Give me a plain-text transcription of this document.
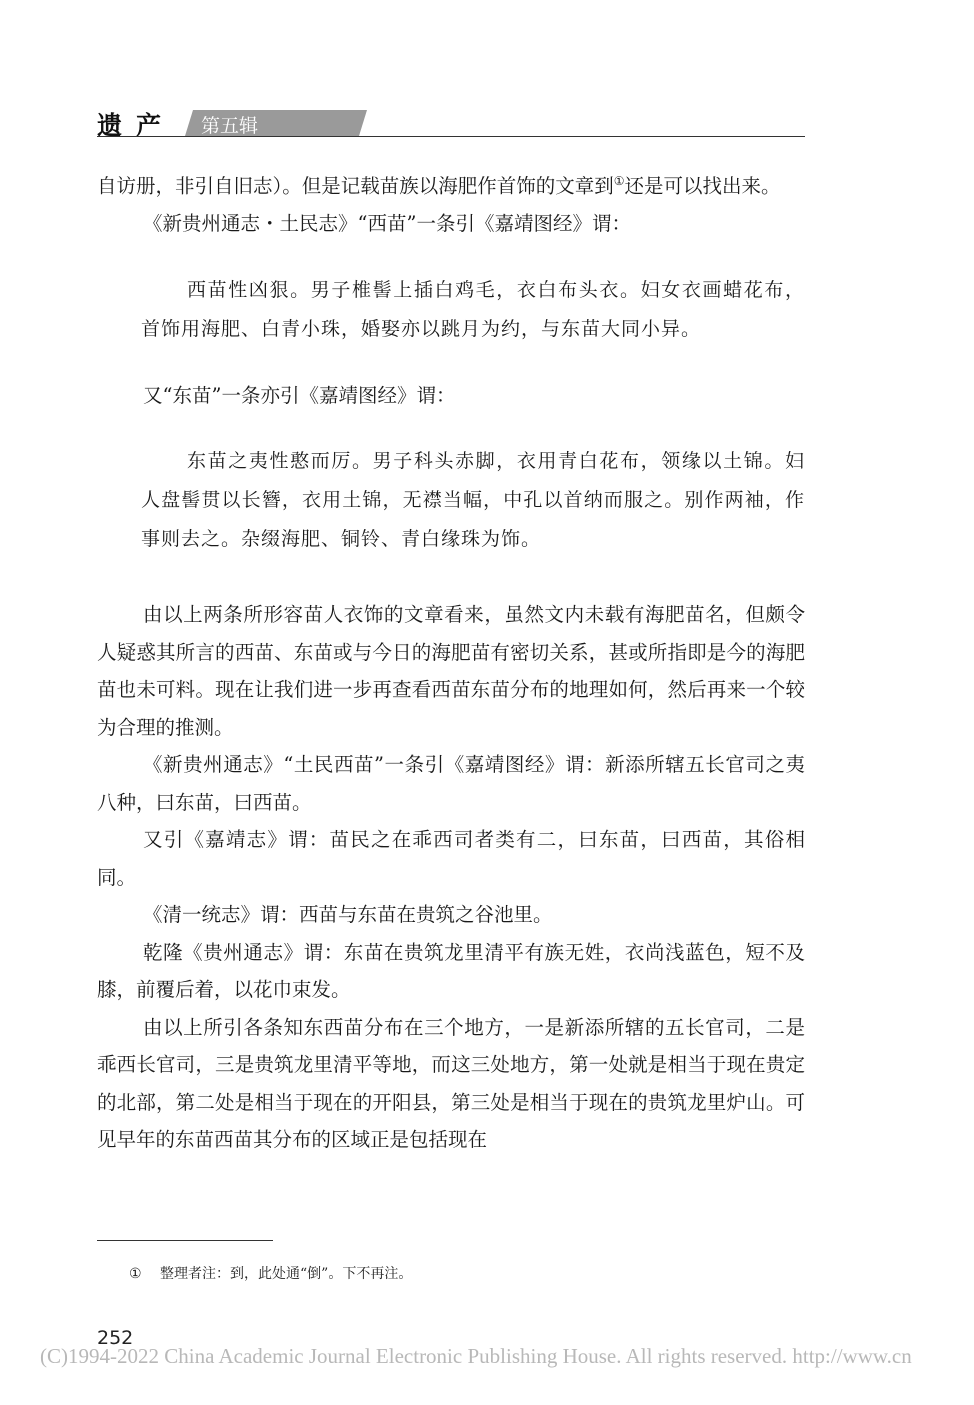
遗产 第五辑

自访册，非引自旧志）。但是记载苗族以海肥作首饰的文章到①还是可以找出来。

《新贵州通志・土民志》“西苗”一条引《嘉靖图经》谓：

西苗性凶狠。男子椎髻上插白鸡毛，衣白布头衣。妇女衣画蜡花布，首饰用海肥、白青小珠，婚娶亦以跳月为约，与东苗大同小异。

又“东苗”一条亦引《嘉靖图经》谓：

东苗之夷性憨而厉。男子科头赤脚，衣用青白花布，领缘以土锦。妇人盘髻贯以长簪，衣用土锦，无襟当幅，中孔以首纳而服之。别作两袖，作事则去之。杂缀海肥、铜铃、青白缘珠为饰。

由以上两条所形容苗人衣饰的文章看来，虽然文内未载有海肥苗名，但颇令人疑惑其所言的西苗、东苗或与今日的海肥苗有密切关系，甚或所指即是今的海肥苗也未可料。现在让我们进一步再查看西苗东苗分布的地理如何，然后再来一个较为合理的推测。

《新贵州通志》“土民西苗”一条引《嘉靖图经》谓：新添所辖五长官司之夷八种，曰东苗，曰西苗。

又引《嘉靖志》谓：苗民之在乖西司者类有二，曰东苗，曰西苗，其俗相同。

《清一统志》谓：西苗与东苗在贵筑之谷池里。

乾隆《贵州通志》谓：东苗在贵筑龙里清平有族无姓，衣尚浅蓝色，短不及膝，前覆后着，以花巾束发。

由以上所引各条知东西苗分布在三个地方，一是新添所辖的五长官司，二是乖西长官司，三是贵筑龙里清平等地，而这三处地方，第一处就是相当于现在贵定的北部，第二处是相当于现在的开阳县，第三处是相当于现在的贵筑龙里炉山。可见早年的东苗西苗其分布的区域正是包括现在

① 整理者注：到，此处通“倒”。下不再注。
252
(C)1994-2022 China Academic Journal Electronic Publishing House. All rights reserved. http://www.cn
